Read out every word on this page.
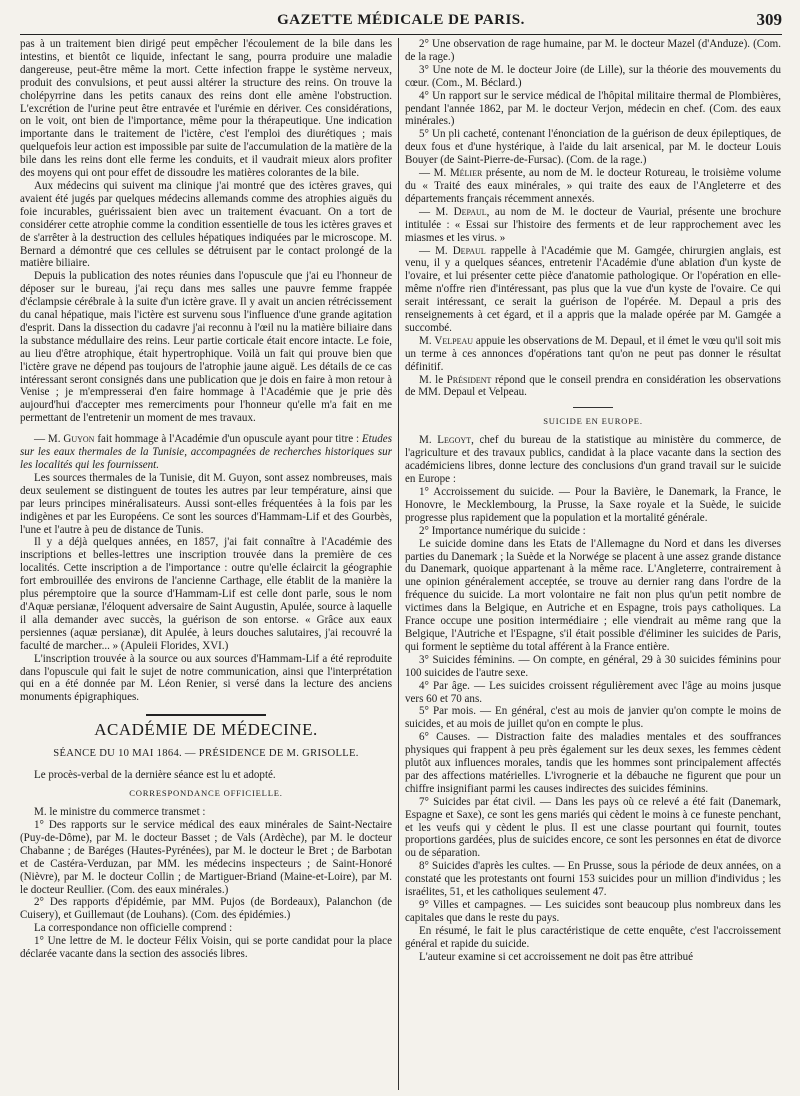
GAZETTE MÉDICALE DE PARIS.	309

pas à un traitement bien dirigé peut empêcher l'écoulement de la bile dans les intestins, et bientôt ce liquide, infectant le sang, pourra produire une maladie dangereuse, peut-être même la mort. Cette infection frappe le système nerveux, produit des convulsions, et peut aussi altérer la structure des reins. On trouve la cholépyrrine dans les petits canaux des reins dont elle amène l'obstruction. L'excrétion de l'urine peut être entravée et l'urémie en dériver. Ces considérations, on le voit, ont bien de l'importance, même pour la thérapeutique. Une indication importante dans le traitement de l'ictère, c'est l'emploi des diurétiques ; mais quelquefois leur action est impossible par suite de l'accumulation de la matière de la bile dans les reins dont elle ferme les conduits, et il vaudrait mieux alors profiter des moyens qui ont pour effet de dissoudre les matières colorantes de la bile.

Aux médecins qui suivent ma clinique j'ai montré que des ictères graves, qui avaient été jugés par quelques médecins allemands comme des atrophies aiguës du foie incurables, guérissaient bien avec un traitement évacuant. On a tort de considérer cette atrophie comme la condition essentielle de tous les ictères graves et de s'arrêter à la destruction des cellules hépatiques indiquées par le microscope. M. Bernard a démontré que ces cellules se détruisent par le contact prolongé de la matière biliaire.

Depuis la publication des notes réunies dans l'opuscule que j'ai eu l'honneur de déposer sur le bureau, j'ai reçu dans mes salles une pauvre femme frappée d'éclampsie cérébrale à la suite d'un ictère grave. Il y avait un ancien rétrécissement du canal hépatique, mais l'ictère est survenu sous l'influence d'une grande agitation d'esprit. Dans la dissection du cadavre j'ai reconnu à l'œil nu la matière biliaire dans la substance médullaire des reins. Leur partie corticale était encore intacte. Le foie, au lieu d'être atrophique, était hypertrophique. Voilà un fait qui prouve bien que l'ictère grave ne dépend pas toujours de l'atrophie jaune aiguë. Les détails de ce cas intéressant seront consignés dans une publication que je dois en faire à mon retour à Venise ; je m'empresserai d'en faire hommage à l'Académie que je prie dès aujourd'hui d'accepter mes remerciments pour l'honneur qu'elle m'a fait en me permettant de l'entretenir un moment de mes travaux.

— M. Guyon fait hommage à l'Académie d'un opuscule ayant pour titre : Etudes sur les eaux thermales de la Tunisie, accompagnées de recherches historiques sur les localités qui les fournissent.

Les sources thermales de la Tunisie, dit M. Guyon, sont assez nombreuses, mais deux seulement se distinguent de toutes les autres par leur température, ainsi que par leurs principes minéralisateurs. Aussi sont-elles fréquentées à la fois par les indigènes et par les Européens. Ce sont les sources d'Hammam-Lif et des Gourbès, l'une et l'autre à peu de distance de Tunis.

Il y a déjà quelques années, en 1857, j'ai fait connaître à l'Académie des inscriptions et belles-lettres une inscription trouvée dans la première de ces localités. Cette inscription a de l'importance : outre qu'elle éclaircit la géographie fort embrouillée des environs de l'ancienne Carthage, elle établit de la manière la plus péremptoire que la source d'Hammam-Lif est celle dont parle, sous le nom d'Aquæ persianæ, l'éloquent adversaire de Saint Augustin, Apulée, source à laquelle il alla demander avec succès, la guérison de son entorse. « Grâce aux eaux persiennes (aquæ persianæ), dit Apulée, à leurs douches salutaires, j'ai recouvré la faculté de marcher... » (Apuleii Florides, XVI.)

L'inscription trouvée à la source ou aux sources d'Hammam-Lif a été reproduite dans l'opuscule qui fait le sujet de notre communication, ainsi que l'interprétation qui en a été donnée par M. Léon Renier, si versé dans la lecture des anciens monuments épigraphiques.

ACADÉMIE DE MÉDECINE.
SÉANCE DU 10 MAI 1864. — PRÉSIDENCE DE M. GRISOLLE.

Le procès-verbal de la dernière séance est lu et adopté.

CORRESPONDANCE OFFICIELLE.

M. le ministre du commerce transmet :

1° Des rapports sur le service médical des eaux minérales de Saint-Nectaire (Puy-de-Dôme), par M. le docteur Basset ; de Vals (Ardèche), par M. le docteur Chabanne ; de Baréges (Hautes-Pyrénées), par M. le docteur le Bret ; de Barbotan et de Castéra-Verduzan, par MM. les médecins inspecteurs ; de Saint-Honoré (Nièvre), par M. le docteur Collin ; de Martiguer-Briand (Maine-et-Loire), par M. le docteur Reullier. (Com. des eaux minérales.)

2° Des rapports d'épidémie, par MM. Pujos (de Bordeaux), Palanchon (de Cuisery), et Guillemaut (de Louhans). (Com. des épidémies.)

La correspondance non officielle comprend :

1° Une lettre de M. le docteur Félix Voisin, qui se porte candidat pour la place déclarée vacante dans la section des associés libres.

2° Une observation de rage humaine, par M. le docteur Mazel (d'Anduze). (Com. de la rage.)

3° Une note de M. le docteur Joire (de Lille), sur la théorie des mouvements du cœur. (Com., M. Béclard.)

4° Un rapport sur le service médical de l'hôpital militaire thermal de Plombières, pendant l'année 1862, par M. le docteur Verjon, médecin en chef. (Com. des eaux minérales.)

5° Un pli cacheté, contenant l'énonciation de la guérison de deux épileptiques, de deux fous et d'une hystérique, à l'aide du lait arsenical, par M. le docteur Louis Bouyer (de Saint-Pierre-de-Fursac). (Com. de la rage.)

— M. Mélier présente, au nom de M. le docteur Rotureau, le troisième volume du « Traité des eaux minérales, » qui traite des eaux de l'Angleterre et des départements français récemment annexés.

— M. Depaul, au nom de M. le docteur de Vaurial, présente une brochure intitulée : « Essai sur l'histoire des ferments et de leur rapprochement avec les miasmes et les virus. »

— M. Depaul rappelle à l'Académie que M. Gamgée, chirurgien anglais, est venu, il y a quelques séances, entretenir l'Académie d'une ablation d'un kyste de l'ovaire, et lui présenter cette pièce d'anatomie pathologique. Or l'opération en elle-même n'offre rien d'intéressant, pas plus que la vue d'un kyste de l'ovaire. Ce qui serait intéressant, ce serait la guérison de l'opérée. M. Depaul a pris des renseignements à cet égard, et il a appris que la malade opérée par M. Gamgée a succombé.

M. Velpeau appuie les observations de M. Depaul, et il émet le vœu qu'il soit mis un terme à ces annonces d'opérations tant qu'on ne peut pas donner le résultat définitif.

M. le Président répond que le conseil prendra en considération les observations de MM. Depaul et Velpeau.

SUICIDE EN EUROPE.

M. Legoyt, chef du bureau de la statistique au ministère du commerce, de l'agriculture et des travaux publics, candidat à la place vacante dans la section des académiciens libres, donne lecture des conclusions d'un grand travail sur le suicide en Europe :

1° Accroissement du suicide. — Pour la Bavière, le Danemark, la France, le Honovre, le Mecklembourg, la Prusse, la Saxe royale et la Suède, le suicide progresse plus rapidement que la population et la mortalité générale.

2° Importance numérique du suicide :

Le suicide domine dans les Etats de l'Allemagne du Nord et dans les diverses parties du Danemark ; la Suède et la Norwége se placent à une assez grande distance du Danemark, quoique appartenant à la même race. L'Angleterre, contrairement à une opinion généralement acceptée, se trouve au dernier rang dans l'ordre de la fréquence du suicide. La mort volontaire ne fait non plus qu'un petit nombre de victimes dans la Belgique, en Autriche et en Espagne, trois pays catholiques. La France occupe une position intermédiaire ; elle viendrait au même rang que la Belgique, l'Autriche et l'Espagne, s'il était possible d'éliminer les suicides de Paris, qui forment le septième du total afférent à la France entière.

3° Suicides féminins. — On compte, en général, 29 à 30 suicides féminins pour 100 suicides de l'autre sexe.

4° Par âge. — Les suicides croissent régulièrement avec l'âge au moins jusque vers 60 et 70 ans.

5° Par mois. — En général, c'est au mois de janvier qu'on compte le moins de suicides, et au mois de juillet qu'on en compte le plus.

6° Causes. — Distraction faite des maladies mentales et des souffrances physiques qui frappent à peu près également sur les deux sexes, les femmes cèdent plutôt aux influences morales, tandis que les hommes sont principalement affectés par des affections matérielles. L'ivrognerie et la débauche ne figurent que pour un chiffre insignifiant parmi les causes indirectes des suicides féminins.

7° Suicides par état civil. — Dans les pays où ce relevé a été fait (Danemark, Espagne et Saxe), ce sont les gens mariés qui cèdent le moins à ce funeste penchant, et les veufs qui y cèdent le plus. Il est une classe pourtant qui fournit, toutes proportions gardées, plus de suicides encore, ce sont les personnes en état de divorce ou de séparation.

8° Suicides d'après les cultes. — En Prusse, sous la période de deux années, on a constaté que les protestants ont fourni 153 suicides pour un million d'individus ; les israélites, 51, et les catholiques seulement 47.

9° Villes et campagnes. — Les suicides sont beaucoup plus nombreux dans les capitales que dans le reste du pays.

En résumé, le fait le plus caractéristique de cette enquête, c'est l'accroissement général et rapide du suicide.

L'auteur examine si cet accroissement ne doit pas être attribué
